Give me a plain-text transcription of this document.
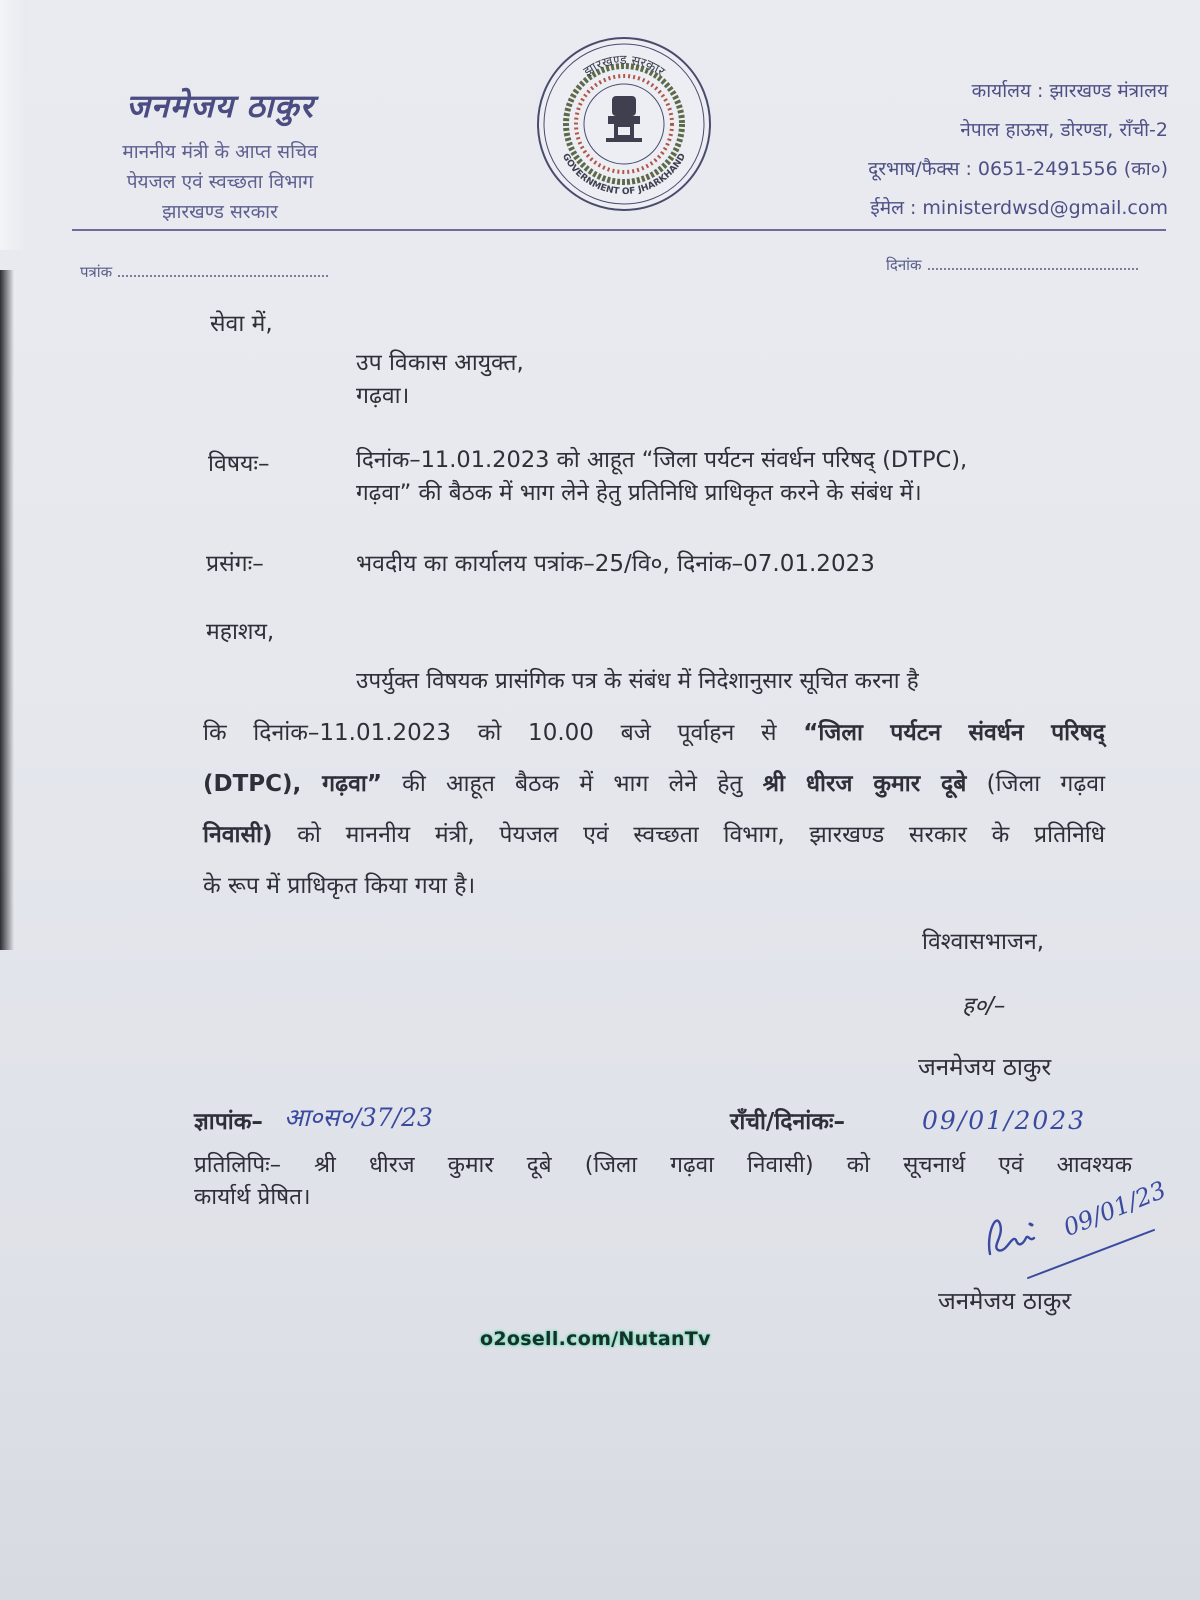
जनमेजय ठाकुर
माननीय मंत्री के आप्त सचिव
पेयजल एवं स्वच्छता विभाग
झारखण्ड सरकार
झारखण्ड सरकार
GOVERNMENT OF JHARKHAND
कार्यालय : झारखण्ड मंत्रालय
नेपाल हाऊस, डोरण्डा, राँची-2
दूरभाष/फैक्स : 0651-2491556 (का०)
ईमेल : ministerdwsd@gmail.com
पत्रांक	दिनांक
सेवा में,
उप विकास आयुक्त,
गढ़वा।
विषयः–	दिनांक–11.01.2023 को आहूत “जिला पर्यटन संवर्धन परिषद् (DTPC),
गढ़वा” की बैठक में भाग लेने हेतु प्रतिनिधि प्राधिकृत करने के संबंध में।
प्रसंगः–	भवदीय का कार्यालय पत्रांक–25/वि०, दिनांक–07.01.2023
महाशय,
उपर्युक्त विषयक प्रासंगिक पत्र के संबंध में निदेशानुसार सूचित करना है
कि दिनांक–11.01.2023 को 10.00 बजे पूर्वाहन से “जिला पर्यटन संवर्धन परिषद्
(DTPC), गढ़वा” की आहूत बैठक में भाग लेने हेतु श्री धीरज कुमार दूबे (जिला गढ़वा
निवासी) को माननीय मंत्री, पेयजल एवं स्वच्छता विभाग, झारखण्ड सरकार के प्रतिनिधि
के रूप में प्राधिकृत किया गया है।
विश्वासभाजन,
ह०/–
जनमेजय ठाकुर
ज्ञापांक– आ०स०/37/23	राँची/दिनांकः–	09/01/2023
प्रतिलिपिः– श्री धीरज कुमार दूबे (जिला गढ़वा निवासी) को सूचनार्थ एवं आवश्यक
कार्यार्थ प्रेषित।	09/01/23
जनमेजय ठाकुर
o2osell.com/NutanTv
